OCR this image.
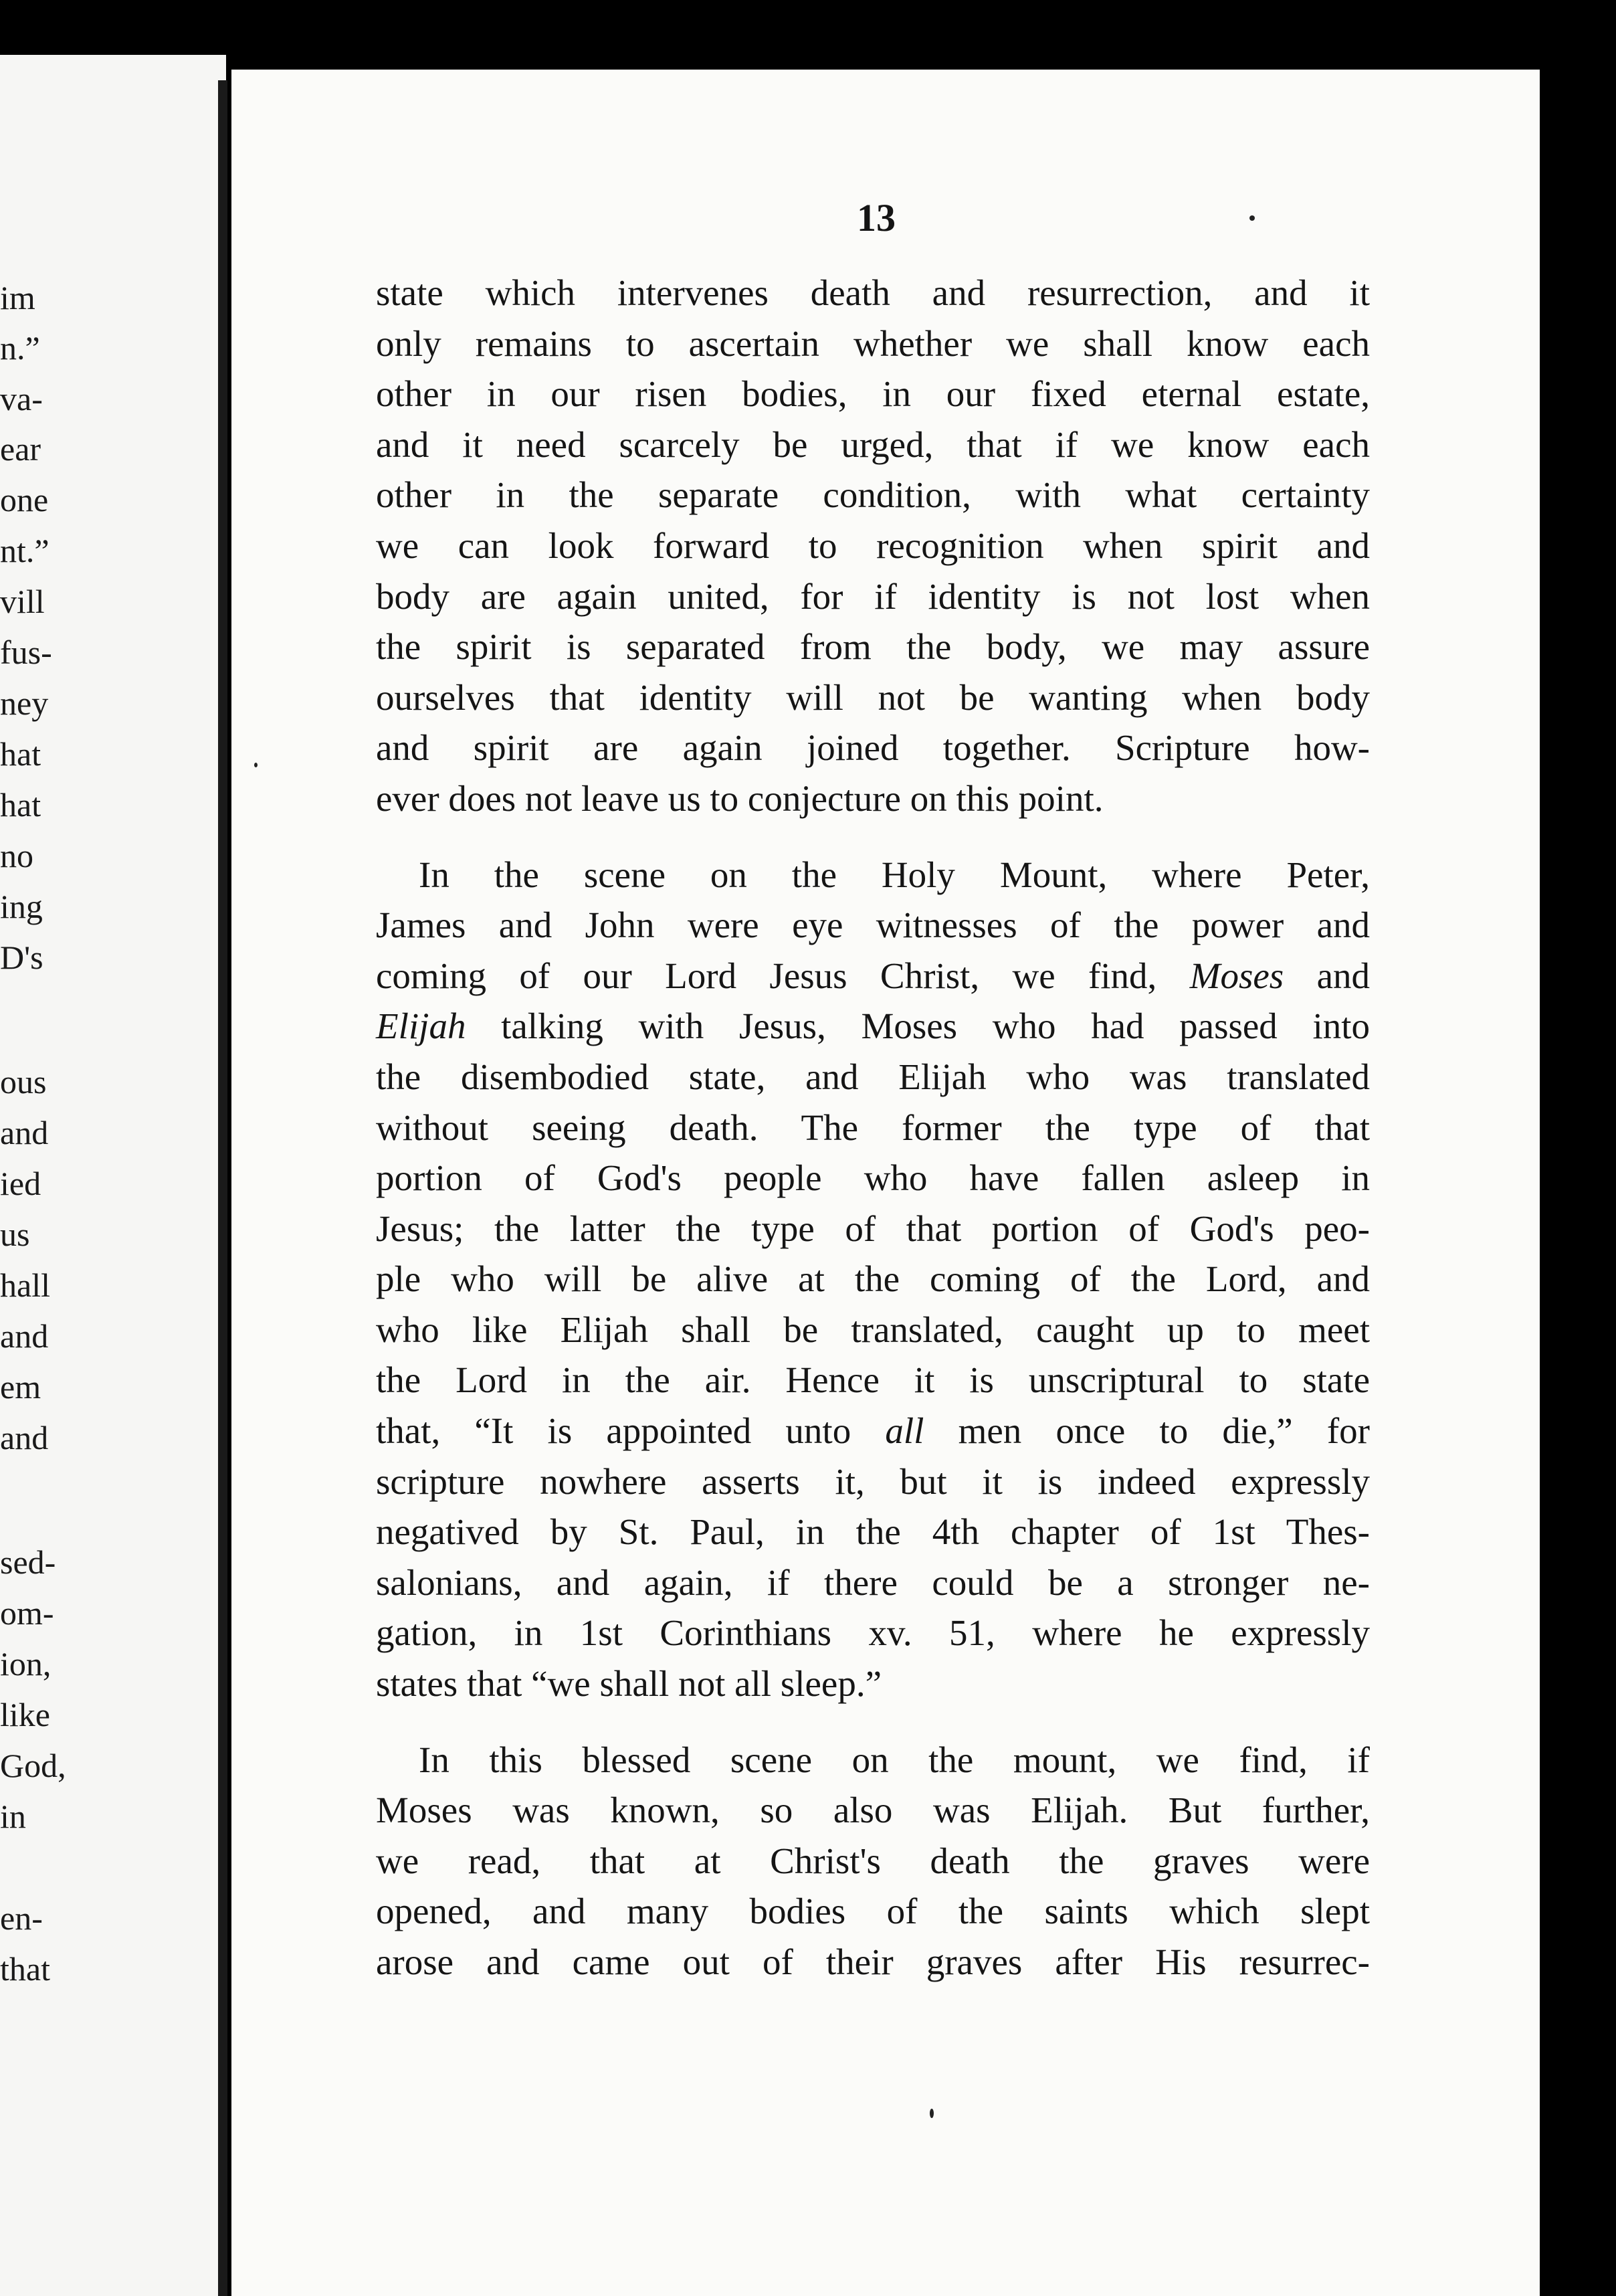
im
n.”
va-
ear
one
nt.”
vill
fus-
ney
hat
hat
no
ing
D's
ous
and
ied
us
hall
and
em
and
sed-
om-
ion,
like
God,
in
en-
that
13
state which intervenes death and resurrection, and it
only remains to ascertain whether we shall know each
other in our risen bodies, in our fixed eternal estate,
and it need scarcely be urged, that if we know each
other in the separate condition, with what certainty
we can look forward to recognition when spirit and
body are again united, for if identity is not lost when
the spirit is separated from the body, we may assure
ourselves that identity will not be wanting when body
and spirit are again joined together. Scripture how-
ever does not leave us to conjecture on this point.
In the scene on the Holy Mount, where Peter,
James and John were eye witnesses of the power and
coming of our Lord Jesus Christ, we find, Moses and
Elijah talking with Jesus, Moses who had passed into
the disembodied state, and Elijah who was translated
without seeing death. The former the type of that
portion of God's people who have fallen asleep in
Jesus; the latter the type of that portion of God's peo-
ple who will be alive at the coming of the Lord, and
who like Elijah shall be translated, caught up to meet
the Lord in the air. Hence it is unscriptural to state
that, “It is appointed unto all men once to die,” for
scripture nowhere asserts it, but it is indeed expressly
negatived by St. Paul, in the 4th chapter of 1st Thes-
salonians, and again, if there could be a stronger ne-
gation, in 1st Corinthians xv. 51, where he expressly
states that “we shall not all sleep.”
In this blessed scene on the mount, we find, if
Moses was known, so also was Elijah. But further,
we read, that at Christ's death the graves were
opened, and many bodies of the saints which slept
arose and came out of their graves after His resurrec-
